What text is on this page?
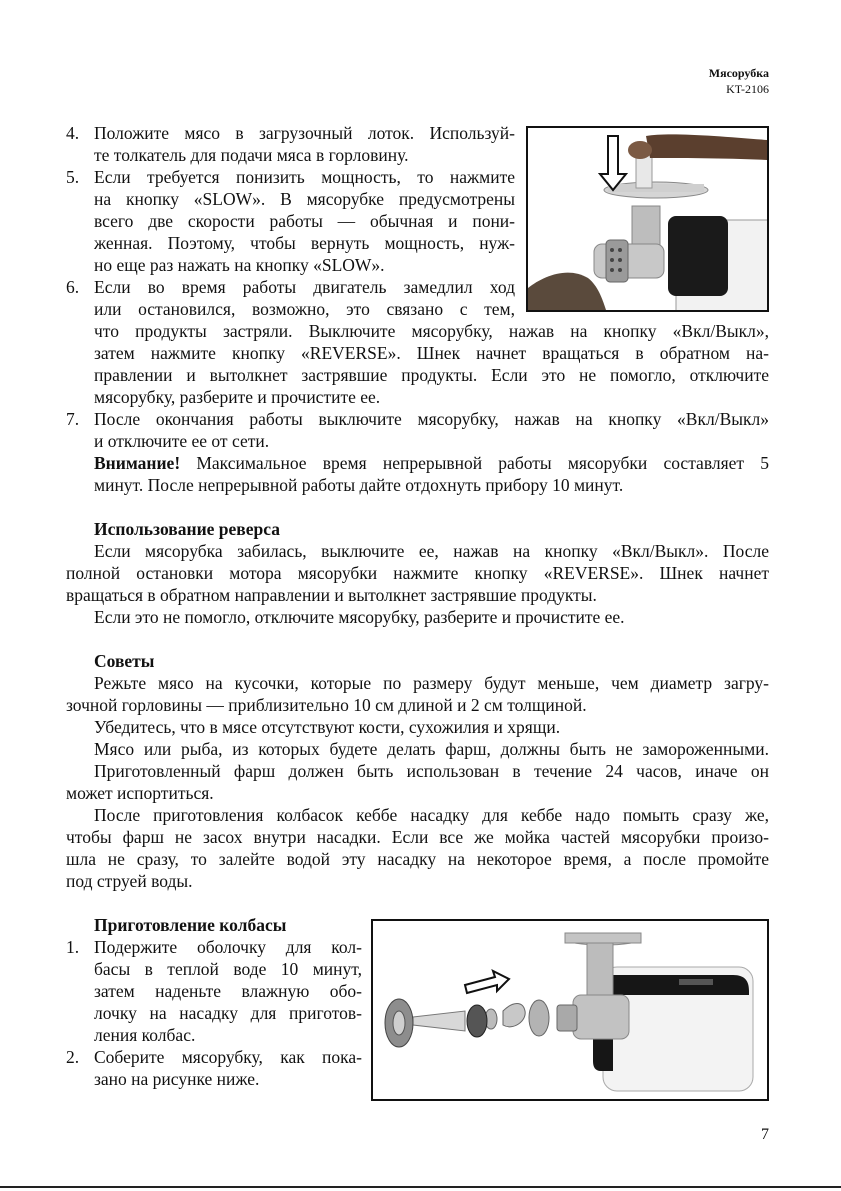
Мясорубка
KT-2106
4. Положите мясо в загрузочный лоток. Используй-
те толкатель для подачи мяса в горловину.
5. Если требуется понизить мощность, то нажмите
на кнопку «SLOW». В мясорубке предусмотрены
всего две скорости работы — обычная и пони-
женная. Поэтому, чтобы вернуть мощность, нуж-
но еще раз нажать на кнопку «SLOW».
6. Если во время работы двигатель замедлил ход
или остановился, возможно, это связано с тем,
что продукты застряли. Выключите мясорубку, нажав на кнопку «Вкл/Выкл»,
затем нажмите кнопку «REVERSE». Шнек начнет вращаться в обратном на-
правлении и вытолкнет застрявшие продукты. Если это не помогло, отключите
мясорубку, разберите и прочистите ее.
7. После окончания работы выключите мясорубку, нажав на кнопку «Вкл/Выкл»
и отключите ее от сети.
Внимание! Максимальное время непрерывной работы мясорубки составляет 5
минут. После непрерывной работы дайте отдохнуть прибору 10 минут.
Использование реверса
Если мясорубка забилась, выключите ее, нажав на кнопку «Вкл/Выкл». После
полной остановки мотора мясорубки нажмите кнопку «REVERSE». Шнек начнет
вращаться в обратном направлении и вытолкнет застрявшие продукты.
Если это не помогло, отключите мясорубку, разберите и прочистите ее.
Советы
Режьте мясо на кусочки, которые по размеру будут меньше, чем диаметр загру-
зочной горловины — приблизительно 10 см длиной и 2 см толщиной.
Убедитесь, что в мясе отсутствуют кости, сухожилия и хрящи.
Мясо или рыба, из которых будете делать фарш, должны быть не замороженными.
Приготовленный фарш должен быть использован в течение 24 часов, иначе он
может испортиться.
После приготовления колбасок кеббе насадку для кеббе надо помыть сразу же,
чтобы фарш не засох внутри насадки. Если все же мойка частей мясорубки произо-
шла не сразу, то залейте водой эту насадку на некоторое время, а после промойте
под струей воды.
Приготовление колбасы
1. Подержите оболочку для кол-
басы в теплой воде 10 минут,
затем наденьте влажную обо-
лочку на насадку для приготов-
ления колбас.
2. Соберите мясорубку, как пока-
зано на рисунке ниже.
7
